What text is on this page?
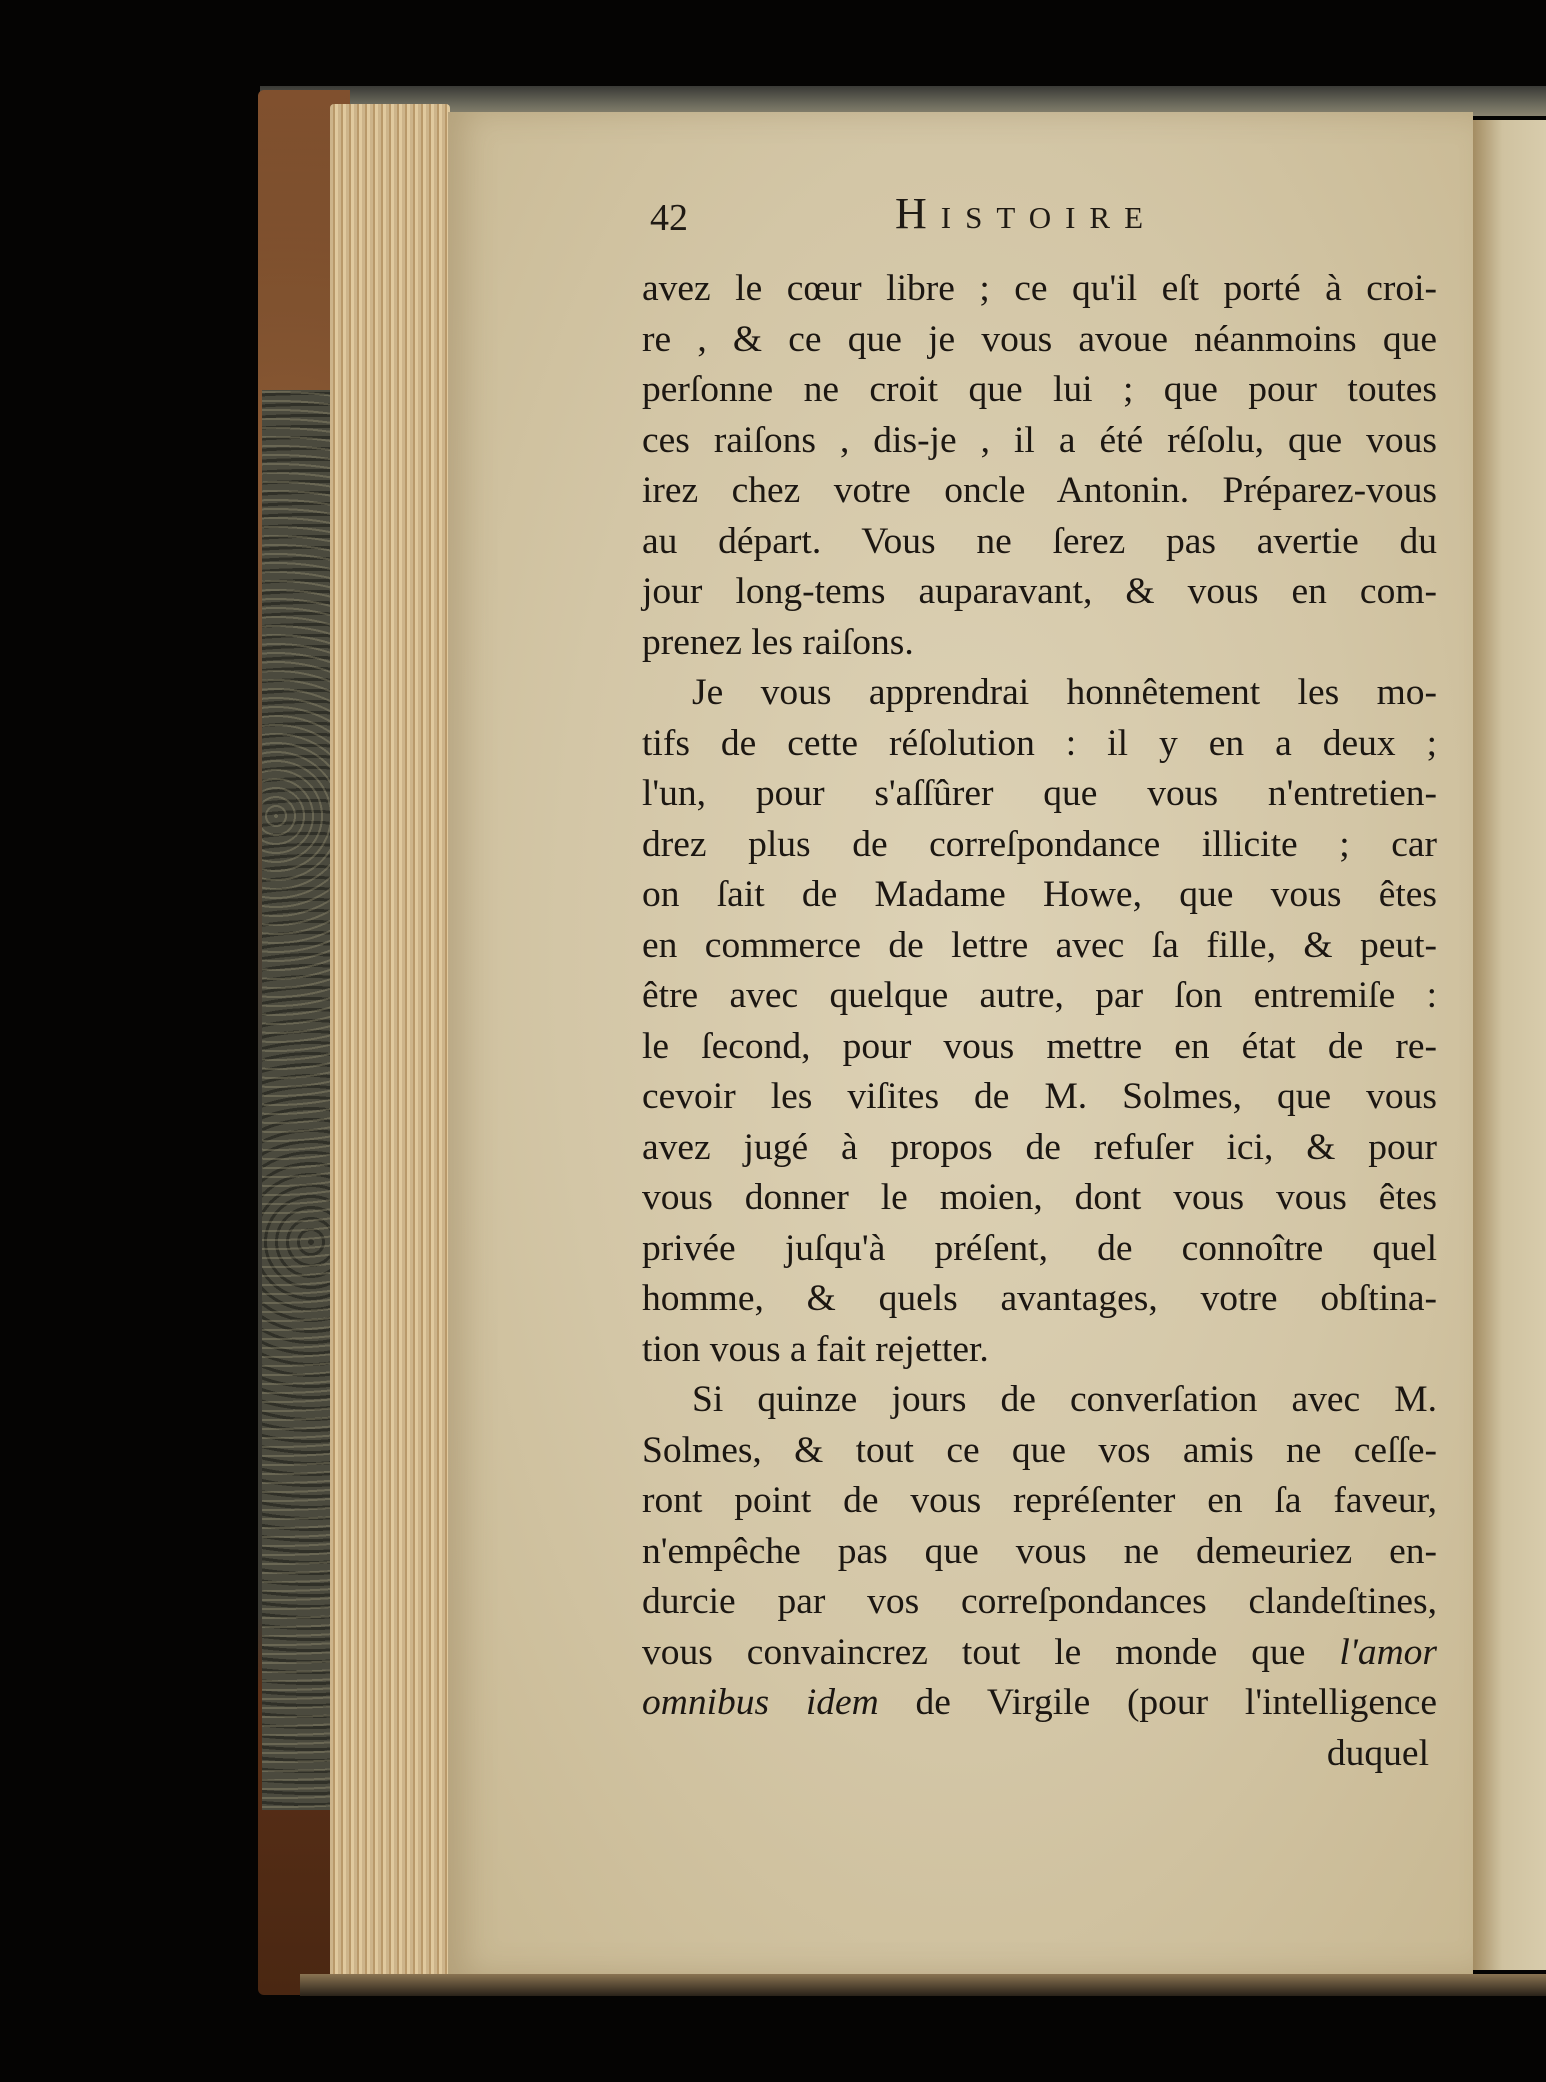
42	Histoire
avez le cœur libre ; ce qu'il eſt porté à croi-
re , & ce que je vous avoue néanmoins que
perſonne ne croit que lui ; que pour toutes
ces raiſons , dis-je , il a été réſolu, que vous
irez chez votre oncle Antonin. Préparez-vous
au départ. Vous ne ſerez pas avertie du
jour long-tems auparavant, & vous en com-
prenez les raiſons.
Je vous apprendrai honnêtement les mo-
tifs de cette réſolution : il y en a deux ;
l'un, pour s'aſſûrer que vous n'entretien-
drez plus de correſpondance illicite ; car
on ſait de Madame Howe, que vous êtes
en commerce de lettre avec ſa fille, & peut-
être avec quelque autre, par ſon entremiſe :
le ſecond, pour vous mettre en état de re-
cevoir les viſites de M. Solmes, que vous
avez jugé à propos de refuſer ici, & pour
vous donner le moien, dont vous vous êtes
privée juſqu'à préſent, de connoître quel
homme, & quels avantages, votre obſtina-
tion vous a fait rejetter.
Si quinze jours de converſation avec M.
Solmes, & tout ce que vos amis ne ceſſe-
ront point de vous repréſenter en ſa faveur,
n'empêche pas que vous ne demeuriez en-
durcie par vos correſpondances clandeſtines,
vous convaincrez tout le monde que l'amor
omnibus idem de Virgile (pour l'intelligence
duquel
